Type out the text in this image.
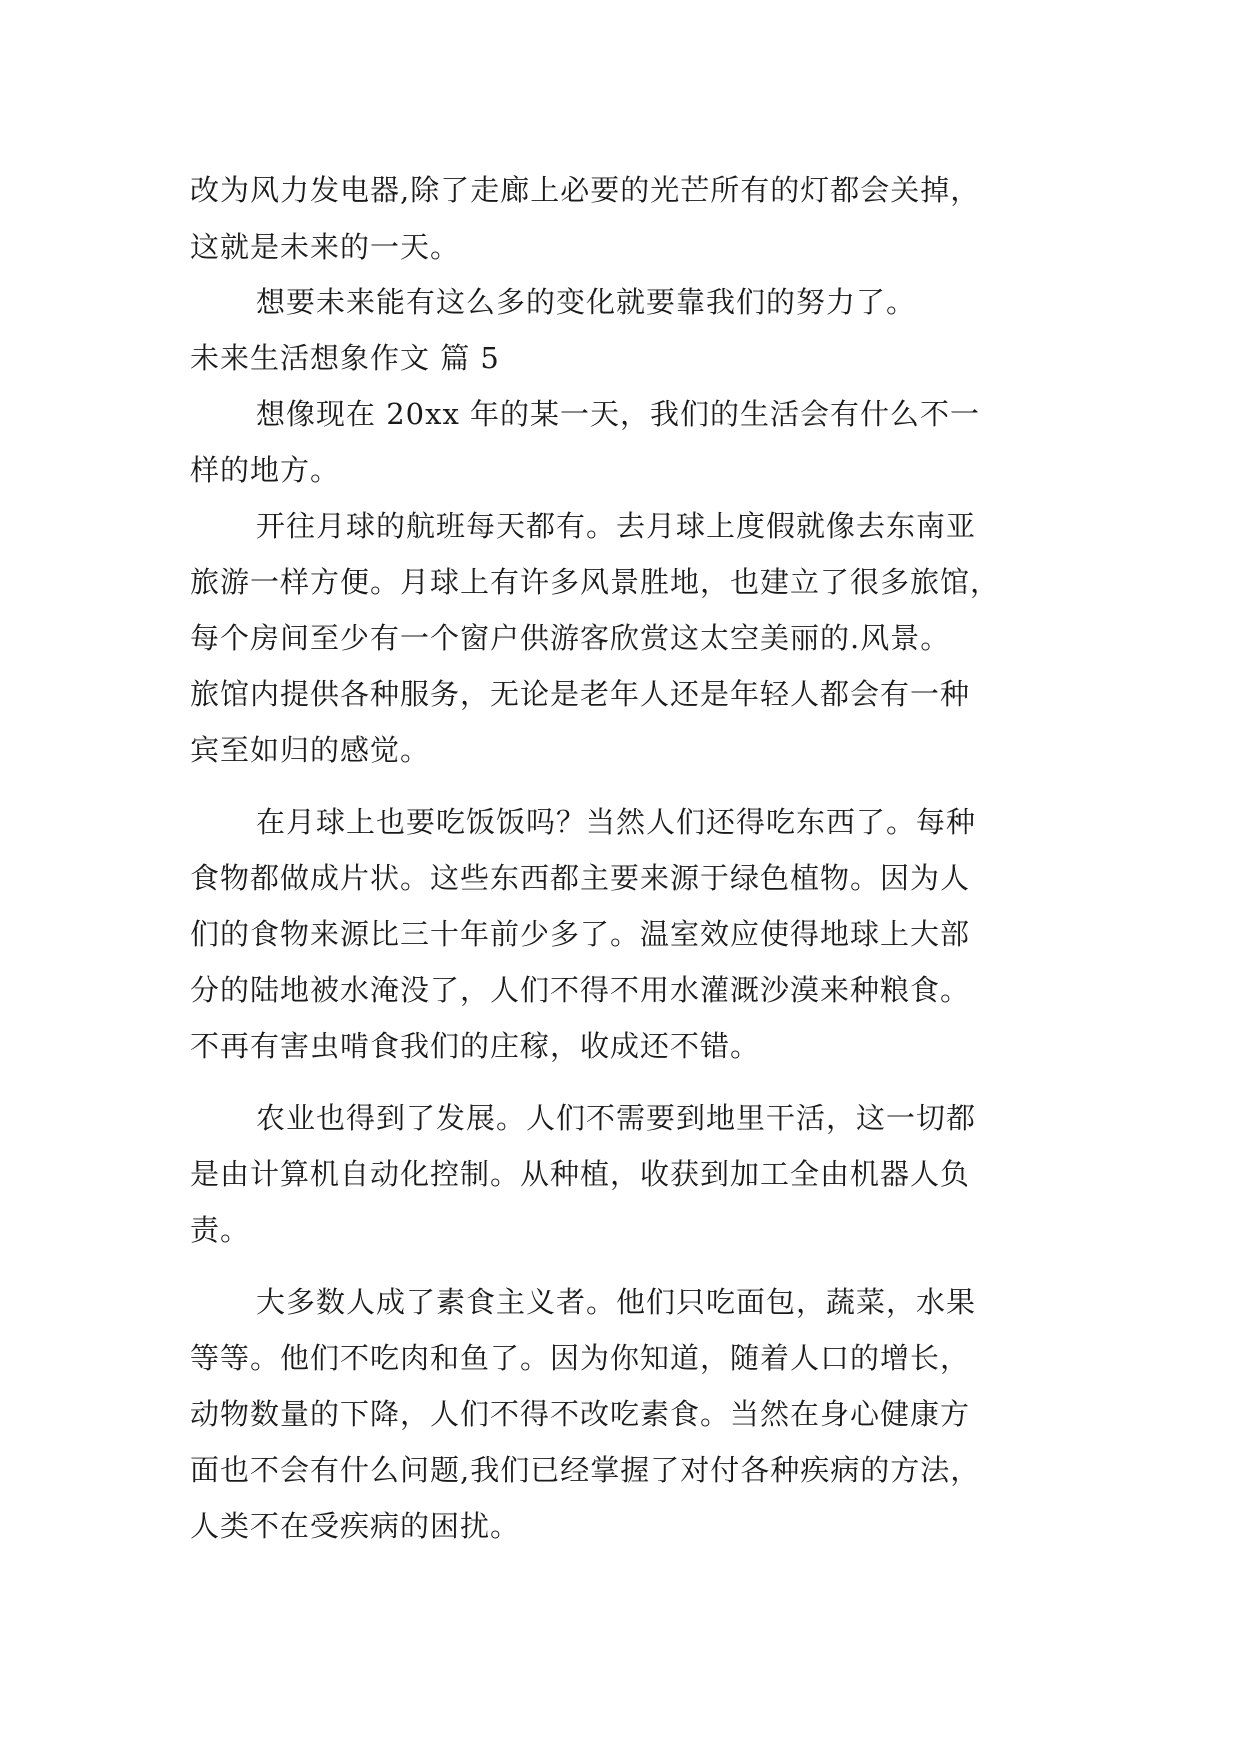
改为风力发电器,除了走廊上必要的光芒所有的灯都会关掉，
这就是未来的一天。
想要未来能有这么多的变化就要靠我们的努力了。
未来生活想象作文 篇 5
想像现在 20xx 年的某一天，我们的生活会有什么不一
样的地方。
开往月球的航班每天都有。去月球上度假就像去东南亚
旅游一样方便。月球上有许多风景胜地，也建立了很多旅馆，
每个房间至少有一个窗户供游客欣赏这太空美丽的.风景。
旅馆内提供各种服务，无论是老年人还是年轻人都会有一种
宾至如归的感觉。
在月球上也要吃饭饭吗？当然人们还得吃东西了。每种
食物都做成片状。这些东西都主要来源于绿色植物。因为人
们的食物来源比三十年前少多了。温室效应使得地球上大部
分的陆地被水淹没了，人们不得不用水灌溉沙漠来种粮食。
不再有害虫啃食我们的庄稼，收成还不错。
农业也得到了发展。人们不需要到地里干活，这一切都
是由计算机自动化控制。从种植，收获到加工全由机器人负
责。
大多数人成了素食主义者。他们只吃面包，蔬菜，水果
等等。他们不吃肉和鱼了。因为你知道，随着人口的增长，
动物数量的下降，人们不得不改吃素食。当然在身心健康方
面也不会有什么问题,我们已经掌握了对付各种疾病的方法，
人类不在受疾病的困扰。
